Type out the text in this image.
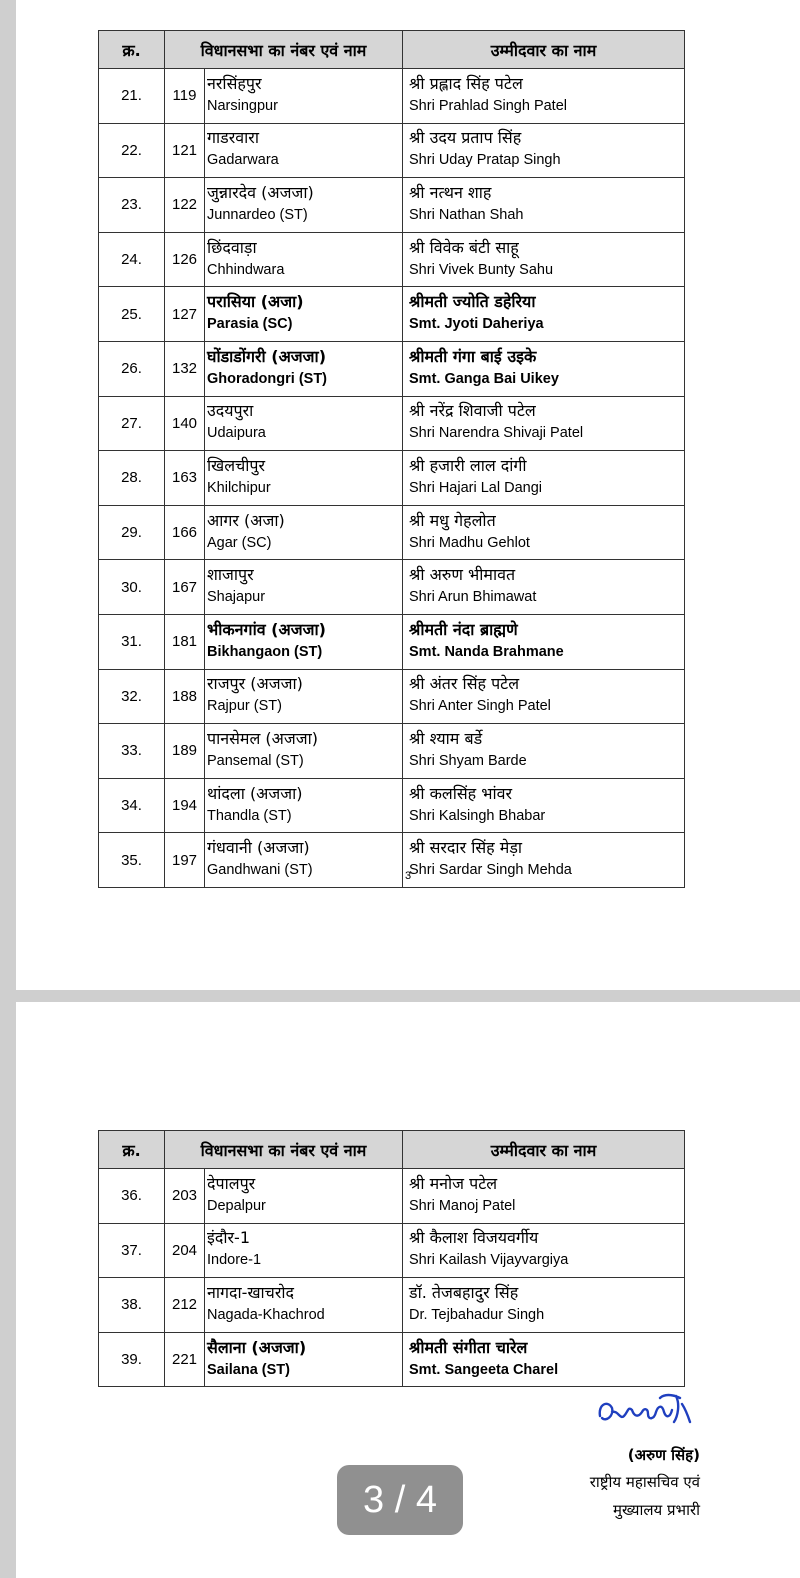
क्र.	विधानसभा का नंबर एवं नाम		उम्मीदवार का नाम
21.	119	नरसिंहपुर
Narsingpur	श्री प्रह्लाद सिंह पटेल
Shri Prahlad Singh Patel

22.	121	गाडरवारा
Gadarwara	श्री उदय प्रताप सिंह
Shri Uday Pratap Singh

23.	122	जुन्नारदेव (अजजा)
Junnardeo (ST)	श्री नत्थन शाह
Shri Nathan Shah

24.	126	छिंदवाड़ा
Chhindwara	श्री विवेक बंटी साहू
Shri Vivek Bunty Sahu

25.	127	परासिया (अजा)
Parasia (SC)	श्रीमती ज्योति डहेरिया
Smt. Jyoti Daheriya

26.	132	घोंडाडोंगरी (अजजा)
Ghoradongri (ST)	श्रीमती गंगा बाई उइके
Smt. Ganga Bai Uikey

27.	140	उदयपुरा
Udaipura	श्री नरेंद्र शिवाजी पटेल
Shri Narendra Shivaji Patel

28.	163	खिलचीपुर
Khilchipur	श्री हजारी लाल दांगी
Shri Hajari Lal Dangi

29.	166	आगर (अजा)
Agar (SC)	श्री मधु गेहलोत
Shri Madhu Gehlot

30.	167	शाजापुर
Shajapur	श्री अरुण भीमावत
Shri Arun Bhimawat

31.	181	भीकनगांव (अजजा)
Bikhangaon (ST)	श्रीमती नंदा ब्राह्मणे
Smt. Nanda Brahmane

32.	188	राजपुर (अजजा)
Rajpur (ST)	श्री अंतर सिंह पटेल
Shri Anter Singh Patel

33.	189	पानसेमल (अजजा)
Pansemal (ST)	श्री श्याम बर्डे
Shri Shyam Barde

34.	194	थांदला (अजजा)
Thandla (ST)	श्री कलसिंह भांवर
Shri Kalsingh Bhabar

35.	197	गंधवानी (अजजा)
Gandhwani (ST)	श्री सरदार सिंह मेड़ा
Shri Sardar Singh Mehda
3
क्र.	विधानसभा का नंबर एवं नाम		उम्मीदवार का नाम
36.	203	देपालपुर
Depalpur	श्री मनोज पटेल
Shri Manoj Patel

37.	204	इंदौर-1
Indore-1	श्री कैलाश विजयवर्गीय
Shri Kailash Vijayvargiya

38.	212	नागदा-खाचरोद
Nagada-Khachrod	डॉ. तेजबहादुर सिंह
Dr. Tejbahadur Singh

39.	221	सैलाना (अजजा)
Sailana (ST)	श्रीमती संगीता चारेल
Smt. Sangeeta Charel
(अरुण सिंह)
राष्ट्रीय महासचिव एवं
मुख्यालय प्रभारी
3 / 4
